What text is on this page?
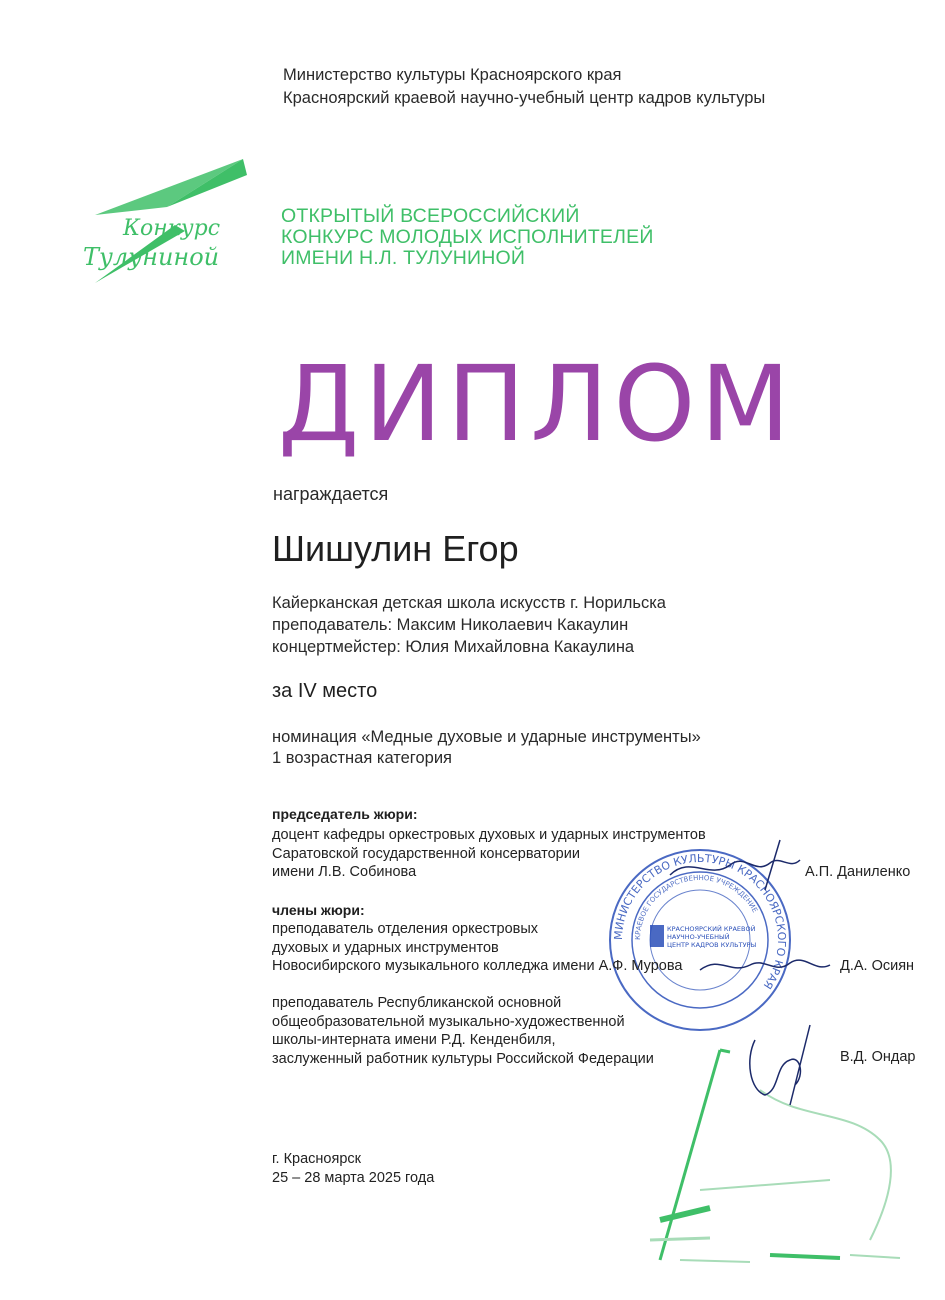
Министерство культуры Красноярского края
Красноярский краевой научно-учебный центр кадров культуры
Конкурс
Тулуниной
ОТКРЫТЫЙ ВСЕРОССИЙСКИЙ
КОНКУРС МОЛОДЫХ ИСПОЛНИТЕЛЕЙ
ИМЕНИ Н.Л. ТУЛУНИНОЙ
ДИПЛОМ
награждается
Шишулин Егор
Кайерканская детская школа искусств г. Норильска
преподаватель: Максим Николаевич Какаулин
концертмейстер: Юлия Михайловна Какаулина
за IV место
номинация «Медные духовые и ударные инструменты»
1 возрастная категория
МИНИСТЕРСТВО КУЛЬТУРЫ КРАСНОЯРСКОГО КРАЯ
КРАЕВОЕ ГОСУДАРСТВЕННОЕ УЧРЕЖДЕНИЕ
КРАСНОЯРСКИЙ КРАЕВОЙ
НАУЧНО-УЧЕБНЫЙ
ЦЕНТР КАДРОВ КУЛЬТУРЫ
председатель жюри:
доцент кафедры оркестровых духовых и ударных инструментов
Саратовской государственной консерватории
имени Л.В. Собинова	А.П. Даниленко
члены жюри:
преподаватель отделения оркестровых
духовых и ударных инструментов
Новосибирского музыкального колледжа имени А.Ф. Мурова	Д.А. Осиян
преподаватель Республиканской основной
общеобразовательной музыкально-художественной
школы-интерната имени Р.Д. Кенденбиля,
заслуженный работник культуры Российской Федерации	В.Д. Ондар
г. Красноярск
25 – 28 марта 2025 года
